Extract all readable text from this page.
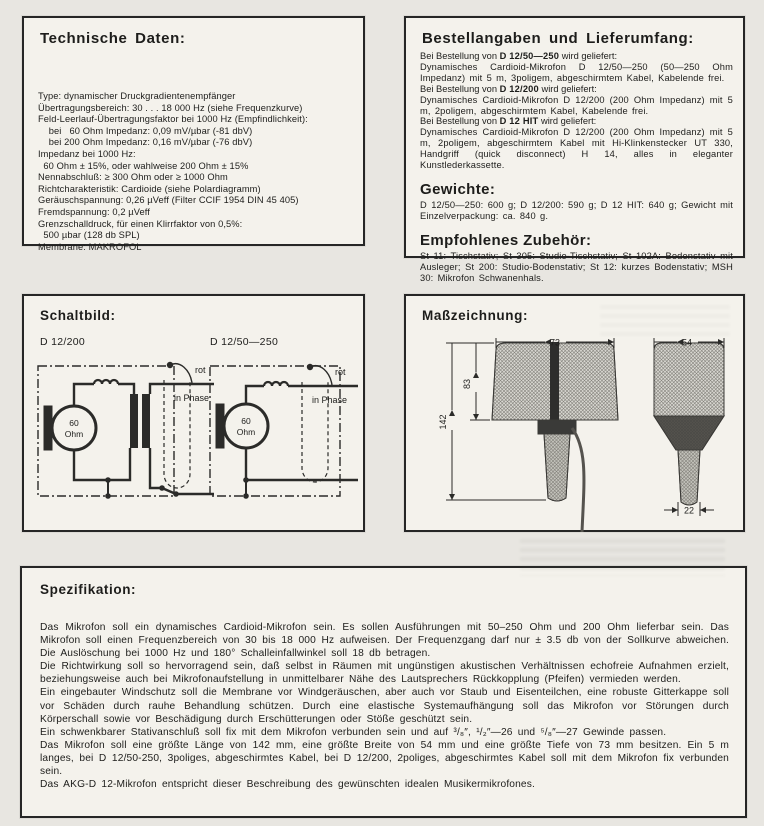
Technische Daten:
Type: dynamischer Druckgradientenempfänger
Übertragungsbereich: 30 . . . 18 000 Hz (siehe Frequenzkurve)
Feld-Leerlauf-Übertragungsfaktor bei 1000 Hz (Empfindlichkeit):
bei   60 Ohm Impedanz: 0,09 mV/µbar (-81 dbV)
bei 200 Ohm Impedanz: 0,16 mV/µbar (-76 dbV)
Impedanz bei 1000 Hz:
60 Ohm ± 15%, oder wahlweise 200 Ohm ± 15%
Nennabschluß: ≥ 300 Ohm oder ≥ 1000 Ohm
Richtcharakteristik: Cardioide (siehe Polardiagramm)
Geräuschspannung: 0,26 µVeff (Filter CCIF 1954 DIN 45 405)
Fremdspannung: 0,2 µVeff
Grenzschalldruck, für einen Klirrfaktor von 0,5%:
500 µbar (128 db SPL)
Membrane: MAKROFOL
Bestellangaben und Lieferumfang:
Bei Bestellung von D 12/50—250 wird geliefert:
Dynamisches Cardioid-Mikrofon D 12/50—250 (50—250 Ohm Impedanz) mit 5 m, 3poligem, abgeschirmtem Kabel, Kabelende frei.
Bei Bestellung von D 12/200 wird geliefert:
Dynamisches Cardioid-Mikrofon D 12/200 (200 Ohm Impedanz) mit 5 m, 2poligem, abgeschirmtem Kabel, Kabelende frei.
Bei Bestellung von D 12 HIT wird geliefert:
Dynamisches Cardioid-Mikrofon D 12/200 (200 Ohm Impedanz) mit 5 m, 2poligem, abgeschirmtem Kabel mit Hi-Klinkenstecker UT 330, Handgriff (quick disconnect) H 14, alles in eleganter Kunstlederkassette.
Gewichte:
D 12/50—250: 600 g; D 12/200: 590 g; D 12 HIT: 640 g; Gewicht mit Einzelverpackung: ca. 840 g.
Empfohlenes Zubehör:
St 11: Tischstativ; St 305: Studio-Tischstativ; St 102A: Bodenstativ mit Ausleger; St 200: Studio-Bodenstativ; St 12: kurzes Bodenstativ; MSH 30: Mikrofon Schwanenhals.
Schaltbild:
D 12/200	D 12/50—250
rot
in Phase
60
Ohm
rot
in Phase
60
Ohm
Maßzeichnung:
73	54
83
142
22
Spezifikation:

Das Mikrofon soll ein dynamisches Cardioid-Mikrofon sein. Es sollen Ausführungen mit 50–250 Ohm und 200 Ohm lieferbar sein. Das Mikrofon soll einen Frequenzbereich von 30 bis 18 000 Hz aufweisen. Der Frequenzgang darf nur ± 3.5 db von der Sollkurve abweichen. Die Auslöschung bei 1000 Hz und 180° Schalleinfallwinkel soll 18 db betragen.

Die Richtwirkung soll so hervorragend sein, daß selbst in Räumen mit ungünstigen akustischen Verhältnissen echofreie Aufnahmen erzielt, beziehungsweise auch bei Mikrofonaufstellung in unmittelbarer Nähe des Lautsprechers Rückkopplung (Pfeifen) vermieden werden.

Ein eingebauter Windschutz soll die Membrane vor Windgeräuschen, aber auch vor Staub und Eisenteilchen, eine robuste Gitterkappe soll vor Schäden durch rauhe Behandlung schützen. Durch eine elastische Systemaufhängung soll das Mikrofon vor Störungen durch Körperschall sowie vor Beschädigung durch Erschütterungen oder Stöße geschützt sein.

Ein schwenkbarer Stativanschluß soll fix mit dem Mikrofon verbunden sein und auf ³/₈″, ¹/₂″—26 und ⁵/₈″—27 Gewinde passen.

Das Mikrofon soll eine größte Länge von 142 mm, eine größte Breite von 54 mm und eine größte Tiefe von 73 mm besitzen. Ein 5 m langes, bei D 12/50-250, 3poliges, abgeschirmtes Kabel, bei D 12/200, 2poliges, abgeschirmtes Kabel soll mit dem Mikrofon fix verbunden sein.

Das AKG-D 12-Mikrofon entspricht dieser Beschreibung des gewünschten idealen Musikermikrofones.
